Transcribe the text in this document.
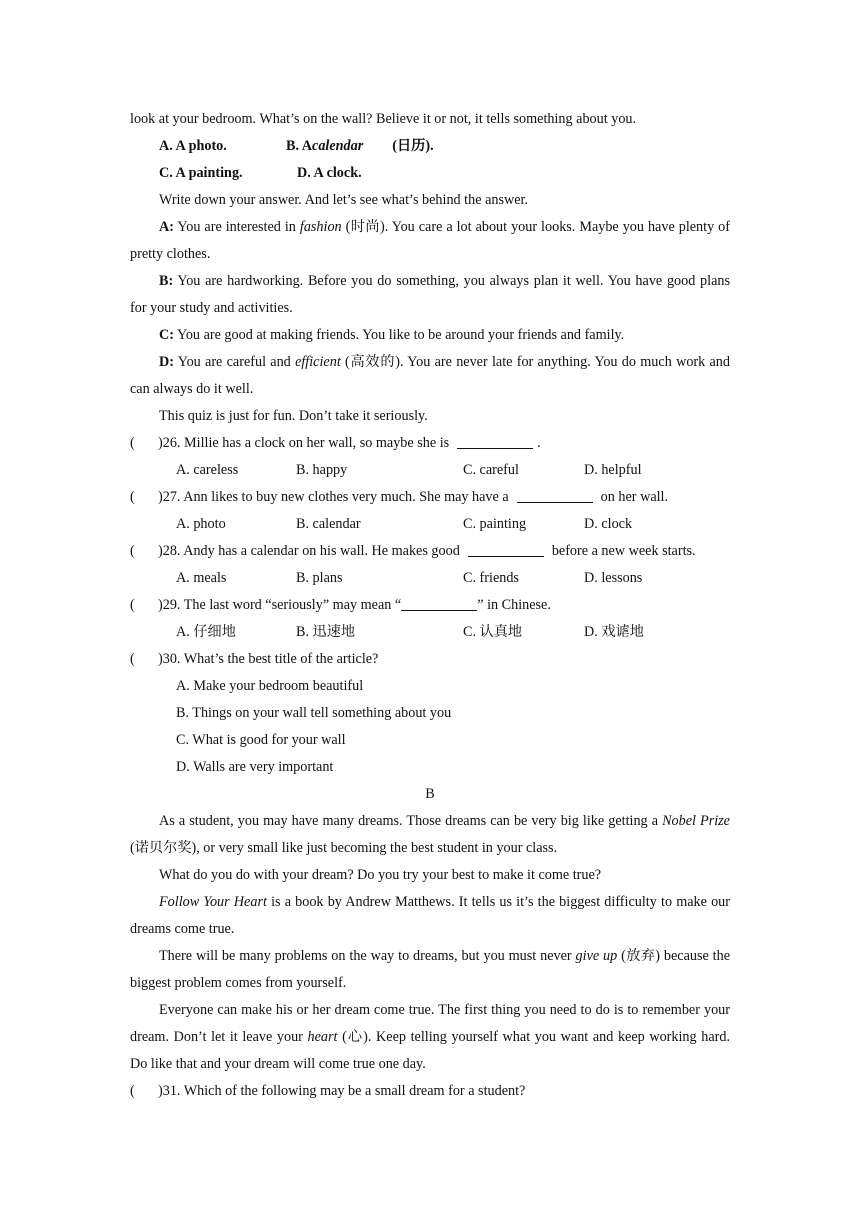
look at your bedroom. What’s on the wall? Believe it or not, it tells something about you.

A. A photo.	B. Acalendar(日历).
C. A painting.	D. A clock.

Write down your answer. And let’s see what’s behind the answer.

A: You are interested in fashion (时尚). You care a lot about your looks. Maybe you have plenty of pretty clothes.

B: You are hardworking. Before you do something, you always plan it well. You have good plans for your study and activities.

C: You are good at making friends. You like to be around your friends and family.

D: You are careful and efficient (高效的). You are never late for anything. You do much work and can always do it well.

This quiz is just for fun. Don’t take it seriously.

(	)26. Millie has a clock on her wall, so maybe she is	.
A. careless	B. happy	C. careful	D. helpful
(	)27. Ann likes to buy new clothes very much. She may have a	on her wall.
A. photo	B. calendar	C. painting	D. clock
(	)28. Andy has a calendar on his wall. He makes good	before a new week starts.
A. meals	B. plans	C. friends	D. lessons
(	)29. The last word “seriously” may mean “	” in Chinese.
A. 仔细地	B. 迅速地	C. 认真地	D. 戏谑地
(	)30. What’s the best title of the article?
A. Make your bedroom beautiful
B. Things on your wall tell something about you
C. What is good for your wall
D. Walls are very important
B

As a student, you may have many dreams. Those dreams can be very big like getting a Nobel Prize (诺贝尔奖), or very small like just becoming the best student in your class.

What do you do with your dream? Do you try your best to make it come true?

Follow Your Heart is a book by Andrew Matthews. It tells us it’s the biggest difficulty to make our dreams come true.

There will be many problems on the way to dreams, but you must never give up (放弃) because the biggest problem comes from yourself.

Everyone can make his or her dream come true. The first thing you need to do is to remember your dream. Don’t let it leave your heart (心). Keep telling yourself what you want and keep working hard. Do like that and your dream will come true one day.

(	)31. Which of the following may be a small dream for a student?
